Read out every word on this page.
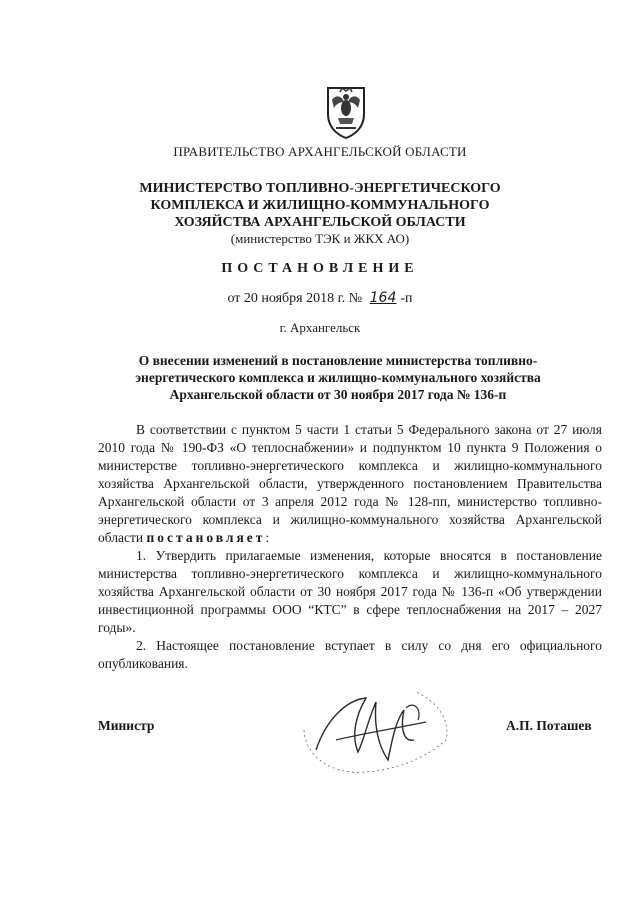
ПРАВИТЕЛЬСТВО АРХАНГЕЛЬСКОЙ ОБЛАСТИ
МИНИСТЕРСТВО ТОПЛИВНО-ЭНЕРГЕТИЧЕСКОГО
КОМПЛЕКСА И ЖИЛИЩНО-КОММУНАЛЬНОГО
ХОЗЯЙСТВА АРХАНГЕЛЬСКОЙ ОБЛАСТИ
(министерство ТЭК и ЖКХ АО)
ПОСТАНОВЛЕНИЕ
от 20 ноября 2018 г. № 164 -п
г. Архангельск
О внесении изменений в постановление министерства топливно-
энергетического комплекса и жилищно-коммунального хозяйства
Архангельской области от 30 ноября 2017 года № 136-п

В соответствии с пунктом 5 части 1 статьи 5 Федерального закона от 27 июля 2010 года № 190-ФЗ «О теплоснабжении» и подпунктом 10 пункта 9 Положения о министерстве топливно-энергетического комплекса и жилищно-коммунального хозяйства Архангельской области, утвержденного постановлением Правительства Архангельской области от 3 апреля 2012 года № 128-пп, министерство топливно-энергетического комплекса и жилищно-коммунального хозяйства Архангельской области постановляет:

1. Утвердить прилагаемые изменения, которые вносятся в постановление министерства топливно-энергетического комплекса и жилищно-коммунального хозяйства Архангельской области от 30 ноября 2017 года № 136-п «Об утверждении инвестиционной программы ООО “КТС” в сфере теплоснабжения на 2017 – 2027 годы».

2. Настоящее постановление вступает в силу со дня его официального опубликования.

Министр	А.П. Поташев
